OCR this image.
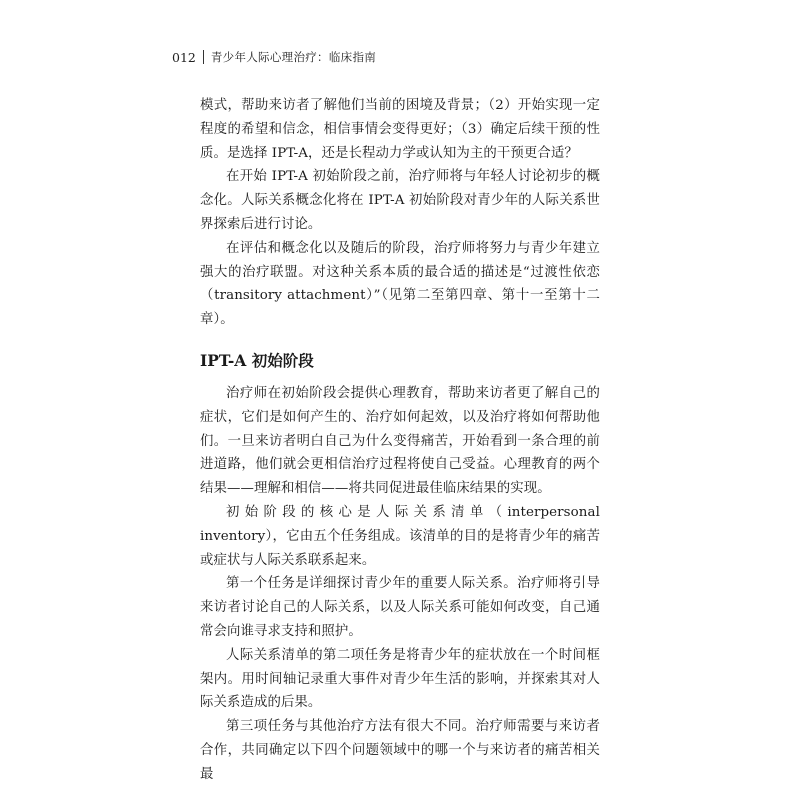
012 青少年人际心理治疗：临床指南

模式，帮助来访者了解他们当前的困境及背景；（2）开始实现一定程度的希望和信念，相信事情会变得更好；（3）确定后续干预的性质。是选择 IPT-A，还是长程动力学或认知为主的干预更合适？

在开始 IPT-A 初始阶段之前，治疗师将与年轻人讨论初步的概念化。人际关系概念化将在 IPT-A 初始阶段对青少年的人际关系世界探索后进行讨论。

在评估和概念化以及随后的阶段，治疗师将努力与青少年建立强大的治疗联盟。对这种关系本质的最合适的描述是“过渡性依恋（transitory attachment）”（见第二至第四章、第十一至第十二章）。

IPT-A 初始阶段

治疗师在初始阶段会提供心理教育，帮助来访者更了解自己的症状，它们是如何产生的、治疗如何起效，以及治疗将如何帮助他们。一旦来访者明白自己为什么变得痛苦，开始看到一条合理的前进道路，他们就会更相信治疗过程将使自己受益。心理教育的两个结果——理解和相信——将共同促进最佳临床结果的实现。

初始阶段的核心是人际关系清单（interpersonal inventory），它由五个任务组成。该清单的目的是将青少年的痛苦或症状与人际关系联系起来。

第一个任务是详细探讨青少年的重要人际关系。治疗师将引导来访者讨论自己的人际关系，以及人际关系可能如何改变，自己通常会向谁寻求支持和照护。

人际关系清单的第二项任务是将青少年的症状放在一个时间框架内。用时间轴记录重大事件对青少年生活的影响，并探索其对人际关系造成的后果。

第三项任务与其他治疗方法有很大不同。治疗师需要与来访者合作，共同确定以下四个问题领域中的哪一个与来访者的痛苦相关最
